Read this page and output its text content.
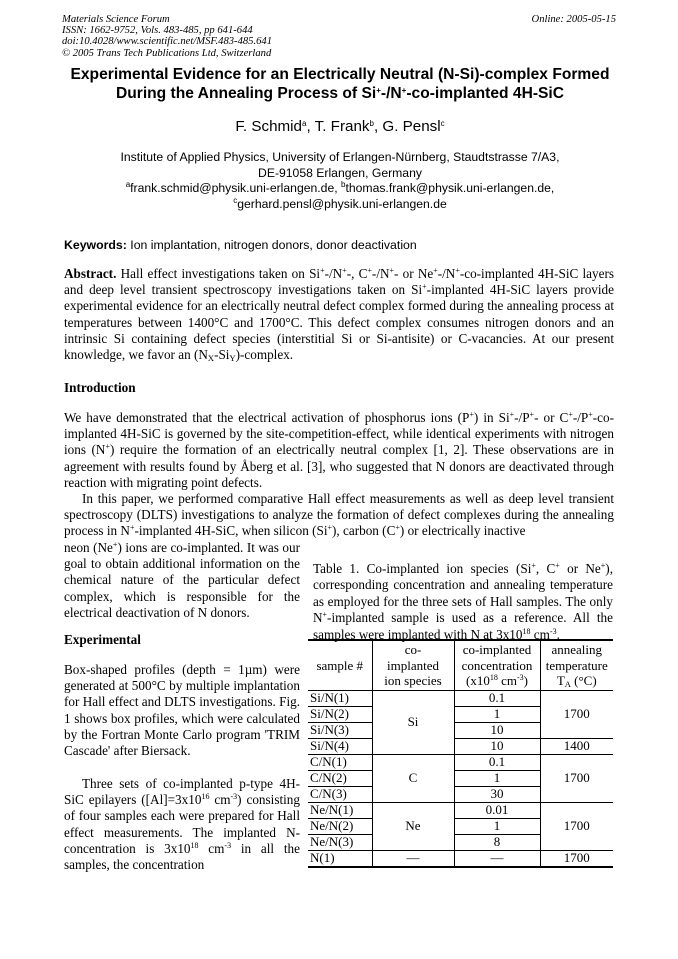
Materials Science Forum
ISSN: 1662-9752, Vols. 483-485, pp 641-644
doi:10.4028/www.scientific.net/MSF.483-485.641
© 2005 Trans Tech Publications Ltd, Switzerland
Online: 2005-05-15
Experimental Evidence for an Electrically Neutral (N-Si)-complex Formed
During the Annealing Process of Si+-/N+-co-implanted 4H-SiC
F. Schmid$^a$, T. Frank$^b$, G. Pensl$^c$
Institute of Applied Physics, University of Erlangen-Nürnberg, Staudtstrasse 7/A3,
DE-91058 Erlangen, Germany
$^a$frank.schmid@physik.uni-erlangen.de, $^b$thomas.frank@physik.uni-erlangen.de,
$^c$gerhard.pensl@physik.uni-erlangen.de
Keywords: Ion implantation, nitrogen donors, donor deactivation
Abstract. Hall effect investigations taken on Si+-/N+-, C+-/N+- or Ne+-/N+-co-implanted 4H-SiC layers and deep level transient spectroscopy investigations taken on Si+-implanted 4H-SiC layers provide experimental evidence for an electrically neutral defect complex formed during the annealing process at temperatures between 1400°C and 1700°C. This defect complex consumes nitrogen donors and an intrinsic Si containing defect species (interstitial Si or Si-antisite) or C-vacancies. At our present knowledge, we favor an $(N_X-Si_Y)$-complex.
Introduction
We have demonstrated that the electrical activation of phosphorus ions (P+) in Si+-/P+- or C+-/P+-co-implanted 4H-SiC is governed by the site-competition-effect, while identical experiments with nitrogen ions (N+) require the formation of an electrically neutral complex [1, 2]. These observations are in agreement with results found by Åberg et al. [3], who suggested that N donors are deactivated through reaction with migrating point defects.
In this paper, we performed comparative Hall effect measurements as well as deep level transient spectroscopy (DLTS) investigations to analyze the formation of defect complexes during the annealing process in N+-implanted 4H-SiC, when silicon (Si+), carbon (C+) or electrically inactive
neon (Ne+) ions are co-implanted. It was our goal to obtain additional information on the chemical nature of the particular defect complex, which is responsible for the electrical deactivation of N donors.
Experimental
Box-shaped profiles (depth = 1µm) were generated at 500°C by multiple implantation for Hall effect and DLTS investigations. Fig. 1 shows box profiles, which were calculated by the Fortran Monte Carlo program 'TRIM Cascade' after Biersack.
Three sets of co-implanted p-type 4H-SiC epilayers ($[Al]=3x10^{16}$ $cm^{-3}$) consisting of four samples each were prepared for Hall effect measurements. The implanted N-concentration is $3x10^{18}$ $cm^{-3}$ in all the samples, the concentration
Table 1. Co-implanted ion species (Si+, C+ or Ne+), corresponding concentration and annealing temperature as employed for the three sets of Hall samples. The only N+-implanted sample is used as a reference. All the samples were implanted with N at $3x10^{18}$ $cm^{-3}$.
sample #	co-
implanted
ion species	co-implanted
concentration
($x10^{18}$ $cm^{-3}$)	annealing
temperature
$T_A$ (°C)
Si/N(1)	Si	0.1	1700
Si/N(2)		1	
Si/N(3)		10	
Si/N(4)		10	1400
C/N(1)	C	0.1	1700
C/N(2)		1	
C/N(3)		30	
Ne/N(1)	Ne	0.01	1700
Ne/N(2)		1	
Ne/N(3)		8	
N(1)	—	—	1700
